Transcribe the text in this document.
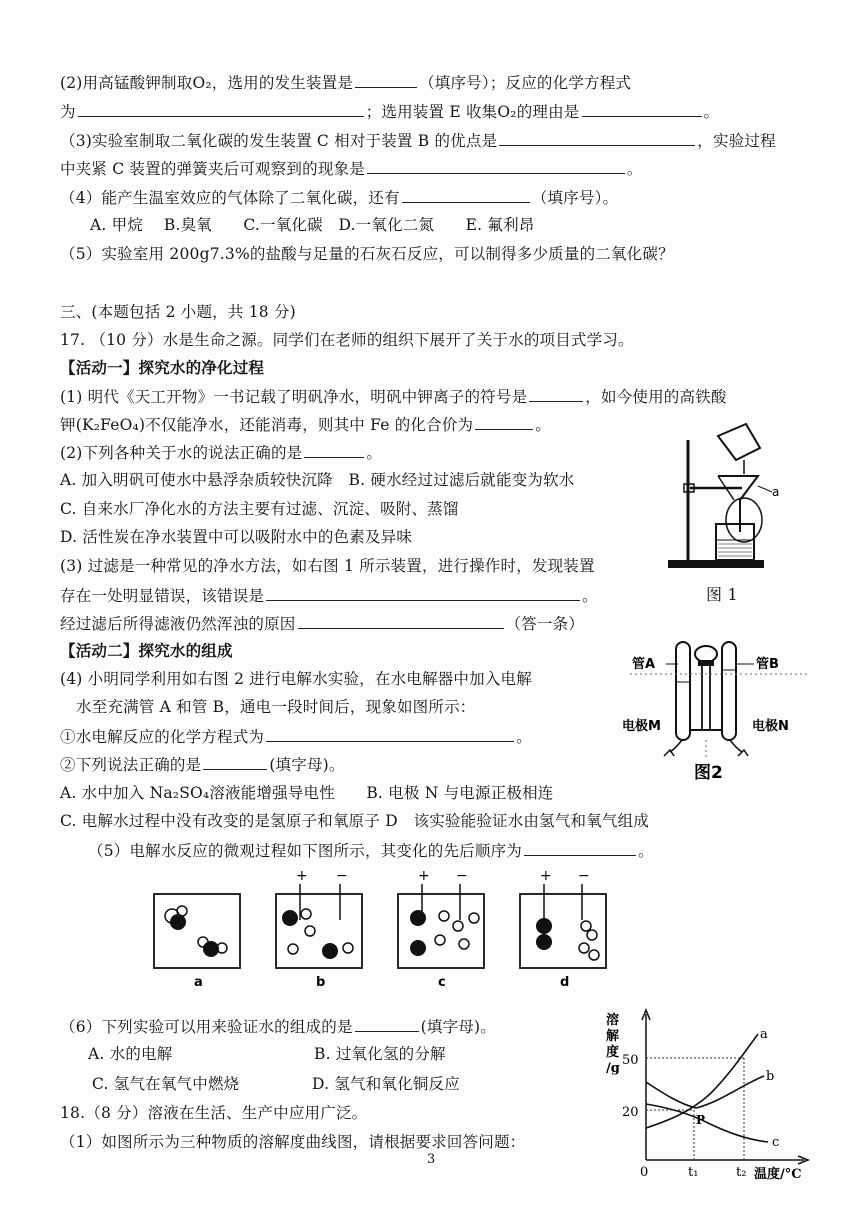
(2)用高锰酸钾制取O₂，选用的发生装置是	（填序号）；反应的化学方程式
为	；选用装置 E 收集O₂的理由是	。
（3)实验室制取二氧化碳的发生装置 C 相对于装置 B 的优点是	，实验过程
中夹紧 C 装置的弹簧夹后可观察到的现象是	。
（4）能产生温室效应的气体除了二氧化碳，还有	（填序号）。
A. 甲烷　 B.臭氧　　C.一氧化碳　D.一氧化二氮　　E. 氟利昂
（5）实验室用 200g7.3%的盐酸与足量的石灰石反应，可以制得多少质量的二氧化碳？
三、(本题包括 2 小题，共 18 分)
17. （10 分）水是生命之源。同学们在老师的组织下展开了关于水的项目式学习。
【活动一】探究水的净化过程
(1) 明代《天工开物》一书记载了明矾净水，明矾中钾离子的符号是	，如今使用的高铁酸
钾(K₂FeO₄)不仅能净水，还能消毒，则其中 Fe 的化合价为	。
(2)下列各种关于水的说法正确的是	。
A. 加入明矾可使水中悬浮杂质较快沉降　B. 硬水经过过滤后就能变为软水
C. 自来水厂净化水的方法主要有过滤、沉淀、吸附、蒸馏
D. 活性炭在净水装置中可以吸附水中的色素及异味
(3) 过滤是一种常见的净水方法，如右图 1 所示装置，进行操作时，发现装置
存在一处明显错误，该错误是	。
经过滤后所得滤液仍然浑浊的原因	（答一条）
【活动二】探究水的组成
(4) 小明同学利用如右图 2 进行电解水实验，在水电解器中加入电解
水至充满管 A 和管 B，通电一段时间后，现象如图所示：
①水电解反应的化学方程式为	。
②下列说法正确的是	(填字母)。
A. 水中加入 Na₂SO₄溶液能增强导电性　　B. 电极 N 与电源正极相连
C. 电解水过程中没有改变的是氢原子和氧原子 D　该实验能验证水由氢气和氧气组成
（5）电解水反应的微观过程如下图所示，其变化的先后顺序为	。
+ −	+ −	+ −
a	b	c	d
（6）下列实验可以用来验证水的组成的是	(填字母)。
A. 水的电解	B. 过氧化氢的分解
C. 氢气在氧气中燃烧	D. 氢气和氧化铜反应
18.（8 分）溶液在生活、生产中应用广泛。
（1）如图所示为三种物质的溶解度曲线图，请根据要求回答问题：
a
图 1
管A	管B
电极M	电极N
图2
溶
解
度
/g
50
20
0	t₁	t₂ 温度/°C
a
b
c
P
3
